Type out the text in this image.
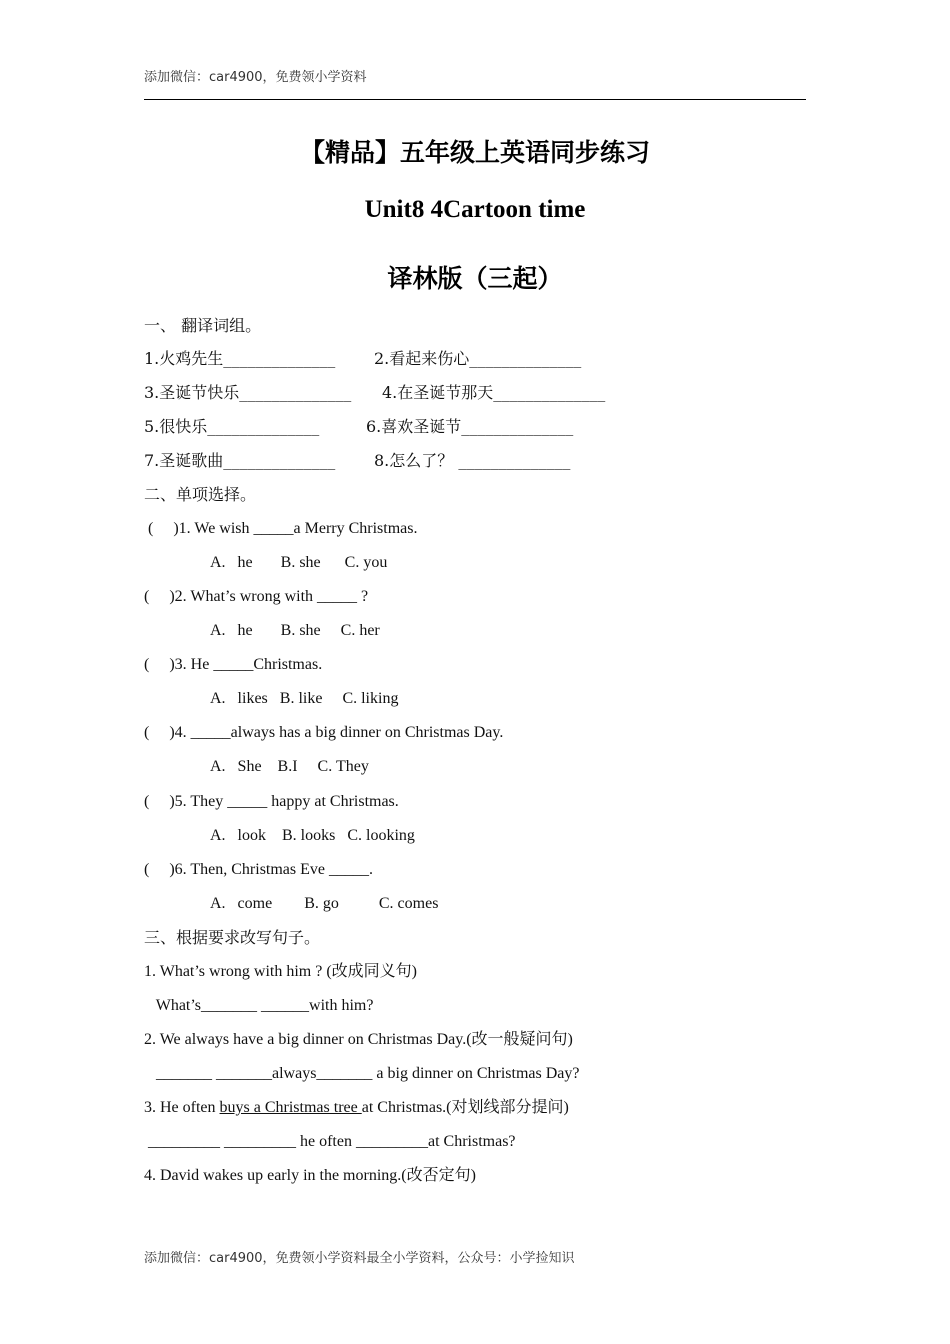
添加微信：car4900，免费领小学资料
【精品】五年级上英语同步练习
Unit8 4Cartoon time
译林版（三起）
一、 翻译词组。
1.火鸡先生______________ 2.看起来伤心______________
3.圣诞节快乐______________ 4.在圣诞节那天______________
5.很快乐______________	6.喜欢圣诞节______________
7.圣诞歌曲______________ 8.怎么了？ ______________
二、单项选择。
(     )1. We wish _____a Merry Christmas.
A.   he       B. she      C. you
(     )2. What’s wrong with _____ ?
A.   he       B. she     C. her
(     )3. He _____Christmas.
A.   likes   B. like     C. liking
(     )4. _____always has a big dinner on Christmas Day.
A.   She    B.I     C. They
(     )5. They _____ happy at Christmas.
A.   look    B. looks   C. looking
(     )6. Then, Christmas Eve _____.
A.   come        B. go          C. comes
三、根据要求改写句子。
1. What’s wrong with him ? (改成同义句)
What’s_______ ______with him?
2. We always have a big dinner on Christmas Day.(改一般疑问句)
_______ _______always_______ a big dinner on Christmas Day?
3. He often buys a Christmas tree at Christmas.(对划线部分提问)
_________ _________ he often _________at Christmas?
4. David wakes up early in the morning.(改否定句)
添加微信：car4900，免费领小学资料最全小学资料，公众号：小学捡知识
